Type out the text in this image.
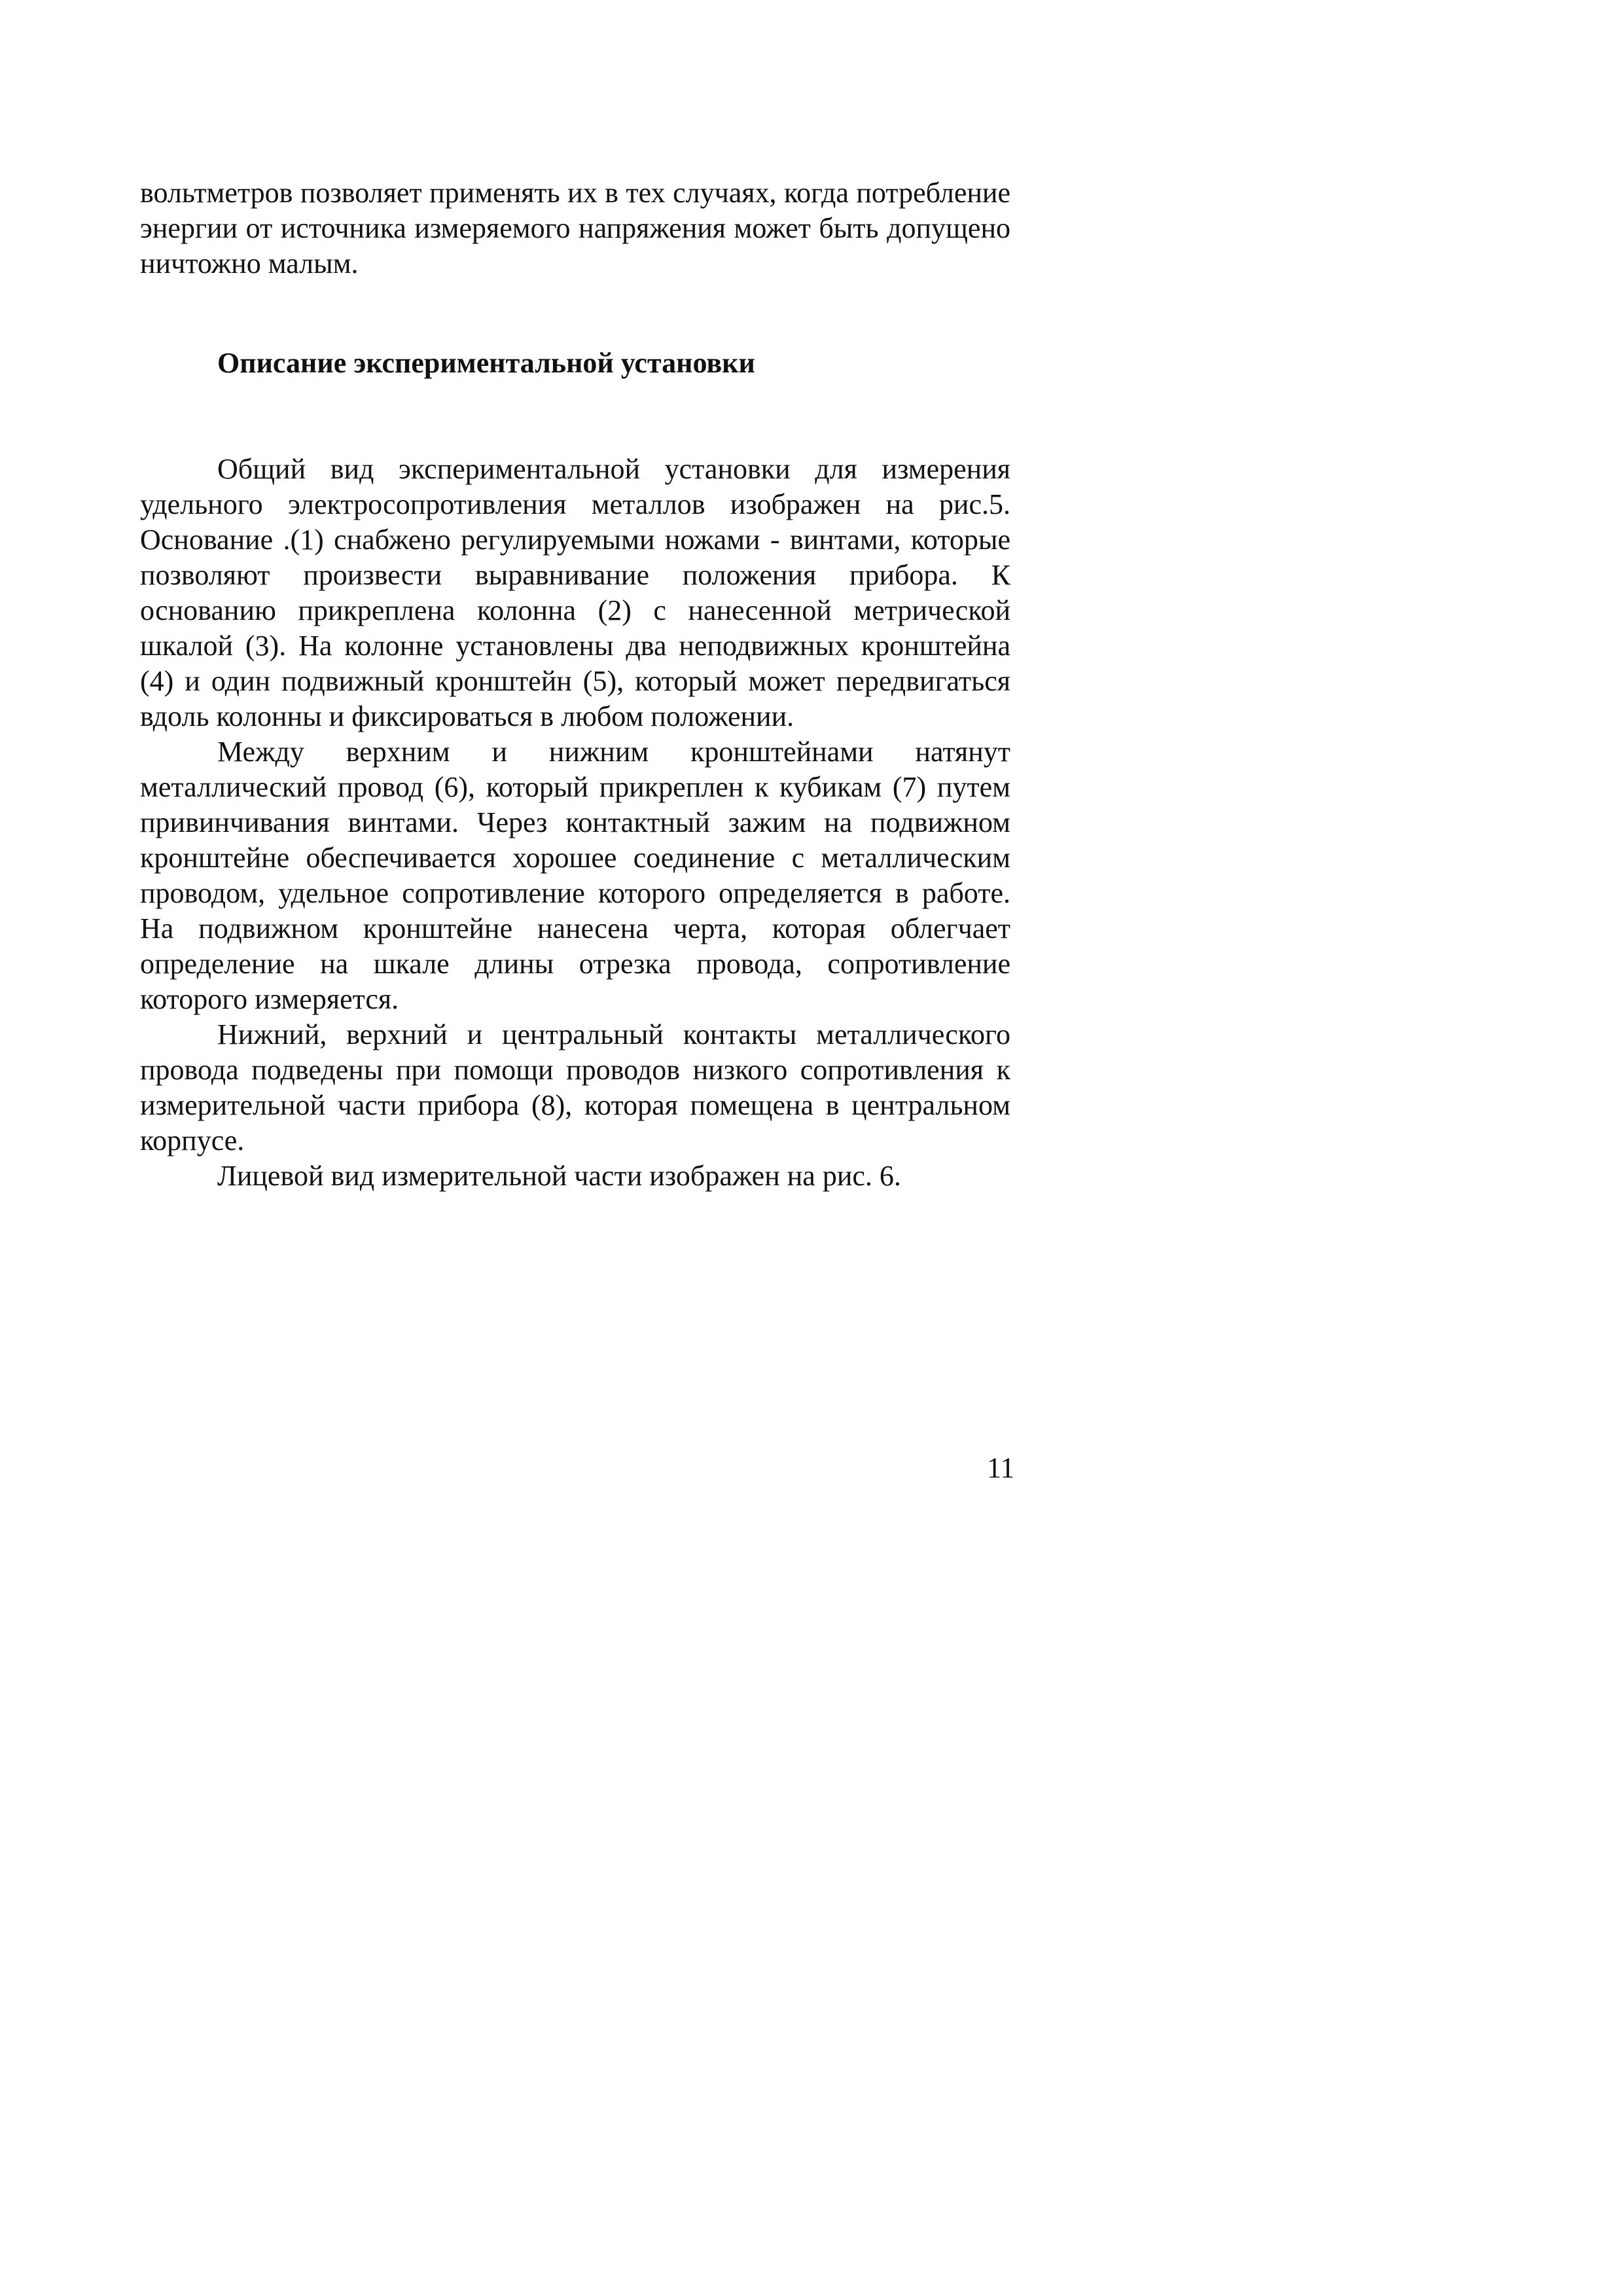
вольтметров позволяет применять их в тех случаях, когда потребление энергии от источника измеряемого напряжения может быть допущено ничтожно малым.

Описание экспериментальной установки

Общий вид экспериментальной установки для измерения удельного электросопротивления металлов изображен на рис.5. Основание .(1) снабжено регулируемыми ножами - винтами, которые позволяют произвести выравнивание положения прибора. К основанию прикреплена колонна (2) с нанесенной метрической шкалой (3). На колонне установлены два неподвижных кронштейна (4) и один подвижный кронштейн (5), который может передвигаться вдоль колонны и фиксироваться в любом положении.

Между верхним и нижним кронштейнами натянут металлический провод (6), который прикреплен к кубикам (7) путем привинчивания винтами. Через контактный зажим на подвижном кронштейне обеспечивается хорошее соединение с металлическим проводом, удельное сопротивление которого определяется в работе. На подвижном кронштейне нанесена черта, которая облегчает определение на шкале длины отрезка провода, сопротивление которого измеряется.

Нижний, верхний и центральный контакты металлического провода подведены при помощи проводов низкого сопротивления к измерительной части прибора (8), которая помещена в центральном корпусе.

Лицевой вид измерительной части изображен на рис. 6.

11
